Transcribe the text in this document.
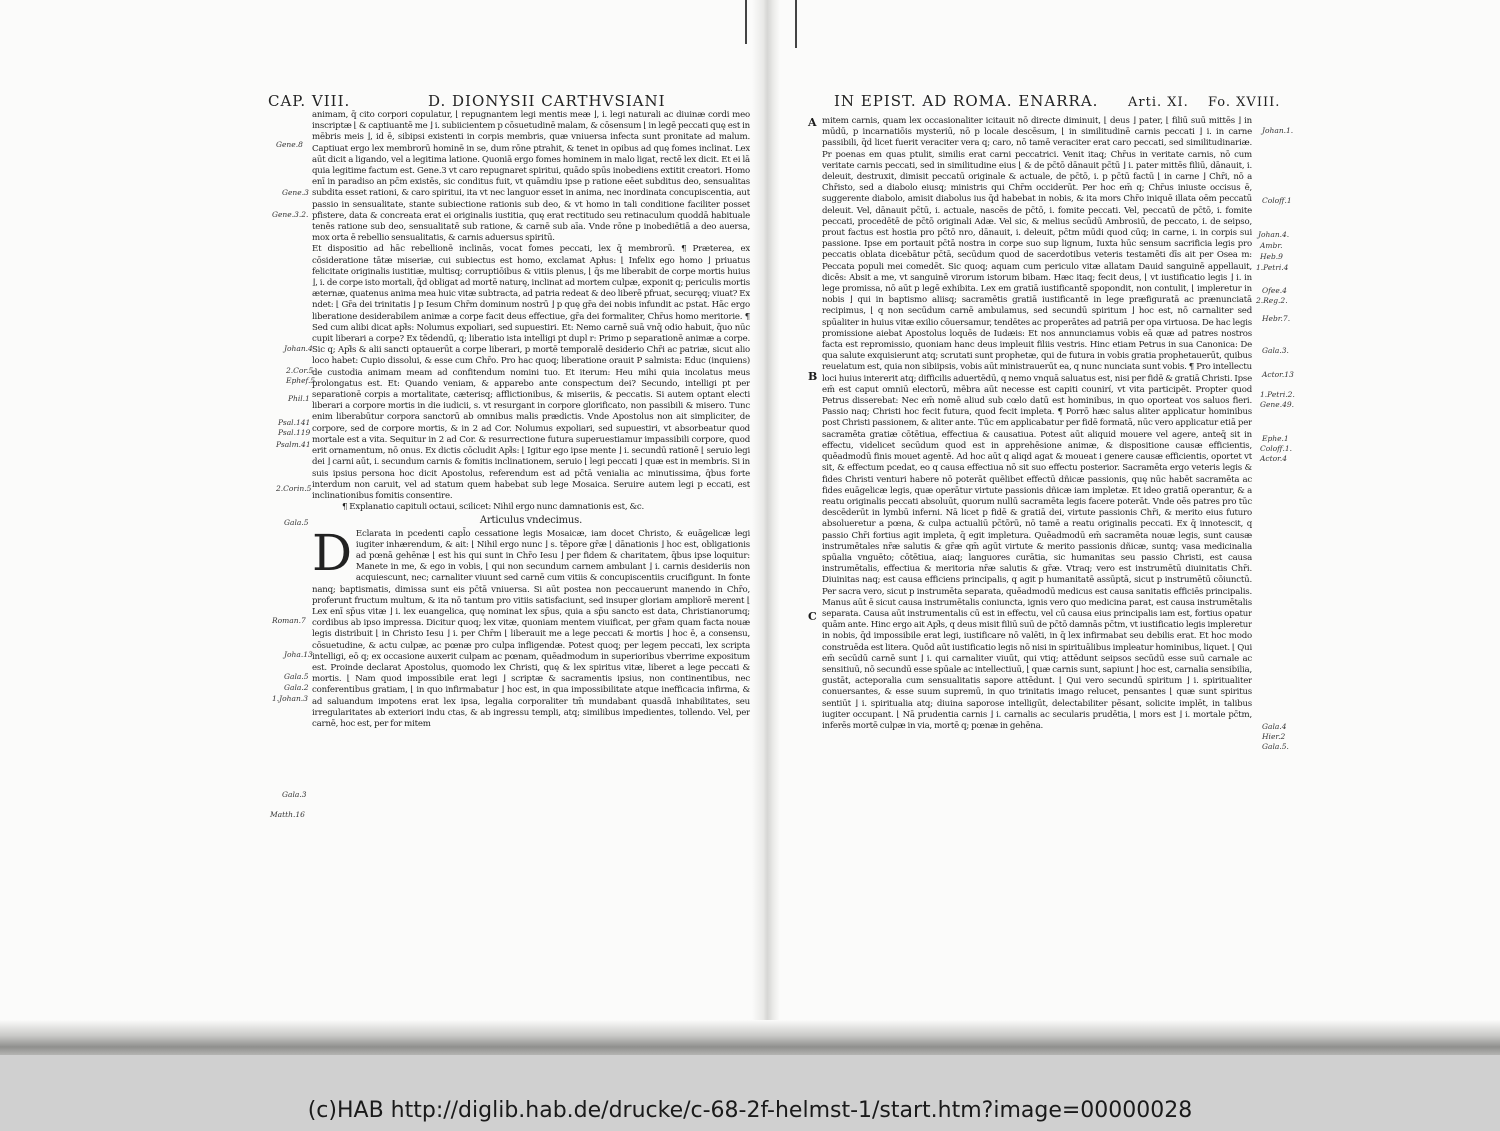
CAP. VIII.	D. DIONYSII CARTHVSIANI

animam, q̄ cito corpori copulatur, ⌊ repugnantem legi mentis meæ ⌋, i. legi naturali ac diuinæ cordi meo inscriptæ ⌊ & captiuantē me ⌋ i. subiicientem p cōsuetudinē malam, & cōsensum ⌊ in legē peccati quę est in mēbris meis ⌋, id ē, sibipsi existenti in corpis membris, quæ vniuersa infecta sunt pronitate ad malum. Captiuat ergo lex membrorū hominē in se, dum rōne ptrahit, & tenet in opibus ad quę fomes inclinat. Lex aūt dicit a ligando, vel a legitima latione. Quoniā ergo fomes hominem in malo ligat, rectē lex dicit. Et ei lā quia legitime factum est. Gene.3 vt caro repugnaret spiritui, quādo spūs inobediens extitit creatori. Homo enī in paradiso an pc̄m existēs, sic conditus fuit, vt quāmdiu ipse p ratione eēet subditus deo, sensualitas subdita esset rationi, & caro spiritui, ita vt nec languor esset in anima, nec inordinata concupiscentia, aut passio in sensualitate, stante subiectione rationis sub deo, & vt homo in tali conditione faciliter posset pfistere, data & concreata erat ei originalis iustitia, quę erat rectitudo seu retinaculum quoddā habituale tenēs ratione sub deo, sensualitatē sub ratione, & carnē sub aīa. Vnde rōne p inobediētiā a deo auersa, mox orta ē rebellio sensualitatis, & carnis aduersus spiritū.

Et dispositio ad hāc rebellionē inclinās, vocat fomes peccati, lex q̄ membrorū. ¶ Præterea, ex cōsideratione tātæ miseriæ, cui subiectus est homo, exclamat Apłus: ⌊ Infelix ego homo ⌋ priuatus felicitate originalis iustitiæ, multisq; corruptiōibus & vitiis plenus, ⌊ q̄s me liberabit de corpe mortis huius ⌋, i. de corpe isto mortali, q̄d obligat ad mortē naturę, inclinat ad mortem culpæ, exponit q; periculis mortis æternæ, quatenus anima mea huic vitæ subtracta, ad patria redeat & deo liberē pfruat, securęq; viuat? Ex ndet: ⌊ Gr̄a dei trinitatis ⌋ p Iesum Chr̄m dominum nostrū ⌋ p quę gr̄a dei nobis infundit ac pstat. Hāc ergo liberatione desiderabilem animæ a corpe facit deus effectiue, gr̄a dei formaliter, Chr̄us homo meritorie. ¶ Sed cum alibi dicat apł̄s: Nolumus expoliari, sed supuestiri. Et: Nemo carnē suā vnq̄ odio habuit, q̄uo nūc cupit liberari a corpe? Ex tēdendū, q; liberatio ista intelligi pt dupl r: Primo p separationē animæ a corpe. Sic q; Apł̄s & alii sancti optauerūt a corpe liberari, p mortē temporalē desiderio Chr̄i ac patriæ, sicut alio loco habet: Cupio dissolui, & esse cum Chr̄o. Pro hac quoq; liberatione orauit P salmista: Educ (inquiens) de custodia animam meam ad confitendum nomini tuo. Et iterum: Heu mihi quia incolatus meus prolongatus est. Et: Quando veniam, & apparebo ante conspectum dei? Secundo, intelligi pt per separationē corpis a mortalitate, cæterisq; afflictionibus, & miseriis, & peccatis. Si autem optant electi liberari a corpore mortis in die iudicii, s. vt resurgant in corpore glorificato, non passibili & misero. Tunc enim liberabūtur corpora sanctorū ab omnibus malis prædictis. Vnde Apostolus non ait simpliciter, de corpore, sed de corpore mortis, & in 2 ad Cor. Nolumus expoliari, sed supuestiri, vt absorbeatur quod mortale est a vita. Sequitur in 2 ad Cor. & resurrectione futura superuestiamur impassibili corpore, quod erit ornamentum, nō onus. Ex dictis cōcludit Apł̄s: ⌊ Igitur ego ipse mente ⌋ i. secundū rationē ⌊ seruio legi dei ⌋ carni aūt, i. secundum carnis & fomitis inclinationem, seruio ⌊ legi peccati ⌋ quæ est in membris. Si in suis ipsius persona hoc dicit Apostolus, referendum est ad pc̄tā venialia ac minutissima, q̄bus forte interdum non caruit, vel ad statum quem habebat sub lege Mosaica. Seruire autem legi p eccati, est inclinationibus fomitis consentire.

¶ Explanatio capituli octaui, scilicet: Nihil ergo nunc damnationis est, &c.

Articulus vndecimus.

D Eclarata in pcedenti capl̄o cessatione legis Mosaicæ, iam docet Christo, & euāgelicæ legi iugiter inhærendum, & ait: ⌊ Nihil ergo nunc ⌋ s. tēpore gr̄æ ⌊ dānationis ⌋ hoc est, obligationis ad pœnā gehēnæ ⌊ est his qui sunt in Chr̄o Iesu ⌋ per fidem & charitatem, q̄bus ipse loquitur: Manete in me, & ego in vobis, ⌊ qui non secundum carnem ambulant ⌋ i. carnis desideriis non acquiescunt, nec; carnaliter viuunt sed carnē cum vitiis & concupiscentiis crucifigunt. In fonte nanq; baptismatis, dimissa sunt eis pc̄tā vniuersa. Si aūt postea non peccauerunt manendo in Chr̄o, proferunt fructum multum, & ita nō tantum pro vitiis satisfaciunt, sed insuper gloriam ampliorē merent ⌊ Lex enī sp̄us vitæ ⌋ i. lex euangelica, quę nominat lex sp̄us, quia a sp̄u sancto est data, Christianorumq; cordibus ab ipso impressa. Dicitur quoq; lex vitæ, quoniam mentem viuificat, per gr̄am quam facta nouæ legis distribuit ⌊ in Christo Iesu ⌋ i. per Chr̄m ⌊ liberauit me a lege peccati & mortis ⌋ hoc ē, a consensu, cōsuetudine, & actu culpæ, ac pœnæ pro culpa infligendæ. Potest quoq; per legem peccati, lex scripta intelligi, eō q; ex occasione auxerit culpam ac pœnam, quēadmodum in superioribus vberrime expositum est. Proinde declarat Apostolus, quomodo lex Christi, quę & lex spiritus vitæ, liberet a lege peccati & mortis. ⌊ Nam quod impossibile erat legi ⌋ scriptæ & sacramentis ipsius, non continentibus, nec conferentibus gratiam, ⌊ in quo infirmabatur ⌋ hoc est, in qua impossibilitate atque inefficacia infirma, & ad saluandum impotens erat lex ipsa, legalia corporaliter tm̄ mundabant quasdā inhabilitates, seu irregularitates ab exteriori indu ctas, & ab ingressu templi, atq; similibus impedientes, tollendo. Vel, per carnē, hoc est, per for mitem

Gene.8
Gene.3
Gene.3.2.
Johan.4
2.Cor.5
Ephef.5
Phil.1
Psal.141
Psal.119
Psalm.41
2.Corin.5
Gala.5
Roman.7
Joha.13
Gala.5
Gala.2
1.Johan.3
Gala.3
Matth.16
IN EPIST. AD ROMA. ENARRA. Arti. XI. Fo. XVIII.
A
B
C

mitem carnis, quam lex occasionaliter icitauit nō directe diminuit, ⌊ deus ⌋ pater, ⌊ filiū suū mittēs ⌋ in mūdū, p incarnatiōis mysteriū, nō p locale descēsum, ⌊ in similitudinē carnis peccati ⌋ i. in carne passibili, q̄d licet fuerit veraciter vera q; caro, nō tamē veraciter erat caro peccati, sed similitudinariæ. Pr poenas em quas ptulit, similis erat carni peccatrici. Venit itaq; Chr̄us in veritate carnis, nō cum veritate carnis peccati, sed in similitudine eius ⌊ & de pc̄tō dānauit pc̄tū ⌋ i. pater mittēs filiū, dānauit, i. deleuit, destruxit, dimisit peccatū originale & actuale, de pc̄tō, i. p pc̄tū factū ⌊ in carne ⌋ Chr̄i, nō a Chr̄isto, sed a diabolo eiusq; ministris qui Chr̄m occiderūt. Per hoc em̄ q; Chr̄us iniuste occisus ē, suggerente diabolo, amisit diabolus ius q̄d habebat in nobis, & ita mors Chr̄o iniquē illata oēm peccatū deleuit. Vel, dānauit pc̄tū, i. actuale, nascēs de pc̄tō, i. fomite peccati. Vel, peccatū de pc̄tō, i. fomite peccati, procedētē de pc̄tō originali Adæ. Vel sic, & melius secūdū Ambrosiū, de peccato, i. de seipso, prout factus est hostia pro pc̄tō nro, dānauit, i. deleuit, pc̄tm mūdi quod cūq; in carne, i. in corpis sui passione. Ipse em portauit pc̄tā nostra in corpe suo sup lignum, Iuxta hūc sensum sacrificia legis pro peccatis oblata dicebātur pc̄tā, secūdum quod de sacerdotibus veteris testamēti dīs ait per Osea m: Peccata populi mei comedēt. Sic quoq; aquam cum periculo vitæ allatam Dauid sanguinē appellauit, dicēs: Absit a me, vt sanguinē virorum istorum bibam. Hæc itaq; fecit deus, ⌊ vt iustificatio legis ⌋ i. in lege promissa, nō aūt p legē exhibita. Lex em gratiā iustificantē spopondit, non contulit, ⌊ impleretur in nobis ⌋ qui in baptismo aliisq; sacramētis gratiā iustificantē in lege præfiguratā ac prænunciatā recipimus, ⌊ q non secūdum carnē ambulamus, sed secundū spiritum ⌋ hoc est, nō carnaliter sed spūaliter in huius vitæ exilio cōuersamur, tendētes ac properātes ad patriā per opa virtuosa. De hac legis promissione aiebat Apostolus loquēs de Iudæis: Et nos annunciamus vobis eā quæ ad patres nostros facta est repromissio, quoniam hanc deus impleuit filiis vestris. Hinc etiam Petrus in sua Canonica: De qua salute exquisierunt atq; scrutati sunt prophetæ, qui de futura in vobis gratia prophetauerūt, quibus reuelatum est, quia non sibiipsis, vobis aūt ministrauerūt ea, q nunc nunciata sunt vobis. ¶ Pro intellectu loci huius intererit atq; difficilis aduertēdū, q nemo vnquā saluatus est, nisi per fidē & gratiā Christi. Ipse em̄ est caput omniū electorū, mēbra aūt necesse est capiti counirí, vt vita participēt. Propter quod Petrus disserebat: Nec em̄ nomē aliud sub cœlo datū est hominibus, in quo oporteat vos saluos fieri. Passio naq; Christi hoc fecit futura, quod fecit impleta. ¶ Porrō hæc salus aliter applicatur hominibus post Christi passionem, & aliter ante. Tūc em applicabatur per fidē formatā, nūc vero applicatur etiā per sacramēta gratiæ cōtētiua, effectiua & causatiua. Potest aūt aliquid mouere vel agere, anteq̄ sit in effectu, videlicet secūdum quod est in apprehēsione animæ, & dispositione causæ efficientis, quēadmodū finis mouet agentē. Ad hoc aūt q aliqd agat & moueat i genere causæ efficientis, oportet vt sit, & effectum pcedat, eo q causa effectiua nō sit suo effectu posterior. Sacramēta ergo veteris legis & fides Christi venturi habere nō poterāt quēlibet effectū dñicæ passionis, quę nūc habēt sacramēta ac fides euāgelicæ legis, quæ operātur virtute passionis dñicæ iam impletæ. Et ideo gratiā operantur, & a reatu originalis peccati absoluūt, quorum nullū sacramēta legis facere poterāt. Vnde oēs patres pro tūc descēderūt in lymbū inferni. Nā licet p fidē & gratiā dei, virtute passionis Chr̄i, & merito eius futuro absolueretur a pœna, & culpa actualiū pc̄tōrū, nō tamē a reatu originalis peccati. Ex q̄ innotescit, q passio Chr̄i fortius agit impleta, q̄ egit impletura. Quēadmodū em̄ sacramēta nouæ legis, sunt causæ instrumētales nr̄æ salutis & gr̄æ qm̄ agūt virtute & merito passionis dñicæ, suntq; vasa medicinalia spūalia vnguēto; cōtētiua, aiaq; languores curātia, sic humanitas seu passio Christi, est causa instrumētalis, effectiua & meritoria nr̄æ salutis & gr̄æ. Vtraq; vero est instrumētū diuinitatis Chr̄i. Diuinitas naq; est causa efficiens principalis, q agit p humanitatē assūptā, sicut p instrumētū cōiunctū. Per sacra vero, sicut p instrumēta separata, quēadmodū medicus est causa sanitatis efficiēs principalis. Manus aūt ē sicut causa instrumētalis coniuncta, ignis vero quo medicina parat, est causa instrumētalis separata. Causa aūt instrumentalis cū est in effectu, vel cū causa eius principalis iam est, fortius opatur quām ante. Hinc ergo ait Apł̄s, q deus misit filiū suū de pc̄tō damnās pc̄tm, vt iustificatio legis impleretur in nobis, q̄d impossibile erat legi, iustificare nō valēti, in q̄ lex infirmabat seu debilis erat. Et hoc modo construēda est litera. Quōd aūt iustificatio legis nō nisi in spirituālibus impleatur hominibus, liquet. ⌊ Qui em̄ secūdū carnē sunt ⌋ i. qui carnaliter viuūt, qui vtiq; attēdunt seipsos secūdū esse suū carnale ac sensitiuū, nō secundū esse spūale ac intellectiuū, ⌊ quæ carnis sunt, sapiunt ⌋ hoc est, carnalia sensibilia, gustāt, acteporalia cum sensualitatis sapore attēdunt. ⌊ Qui vero secundū spiritum ⌋ i. spiritualiter conuersantes, & esse suum supremū, in quo trinitatis imago relucet, pensantes ⌊ quæ sunt spiritus sentiūt ⌋ i. spiritualia atq; diuina saporose intelligūt, delectabiliter pēsant, solicite implēt, in talibus iugiter occupant. ⌊ Nā prudentia carnis ⌋ i. carnalis ac secularis prudētia, ⌊ mors est ⌋ i. mortale pc̄tm, inferēs mortē culpæ in via, mortē q; pœnæ in gehēna.

Johan.1.
Coloff.1
Johan.4.
Ambr.
Heb.9
1.Petri.4
Ofee.4
2.Reg.2.
Hebr.7.
Gala.3.
Actor.13
1.Petri.2.
Gene.49.
Ephe.1
Coloff.1.
Actor.4
Gala.4
Hier.2
Gala.5.
(c)HAB http://diglib.hab.de/drucke/c-68-2f-helmst-1/start.htm?image=00000028
